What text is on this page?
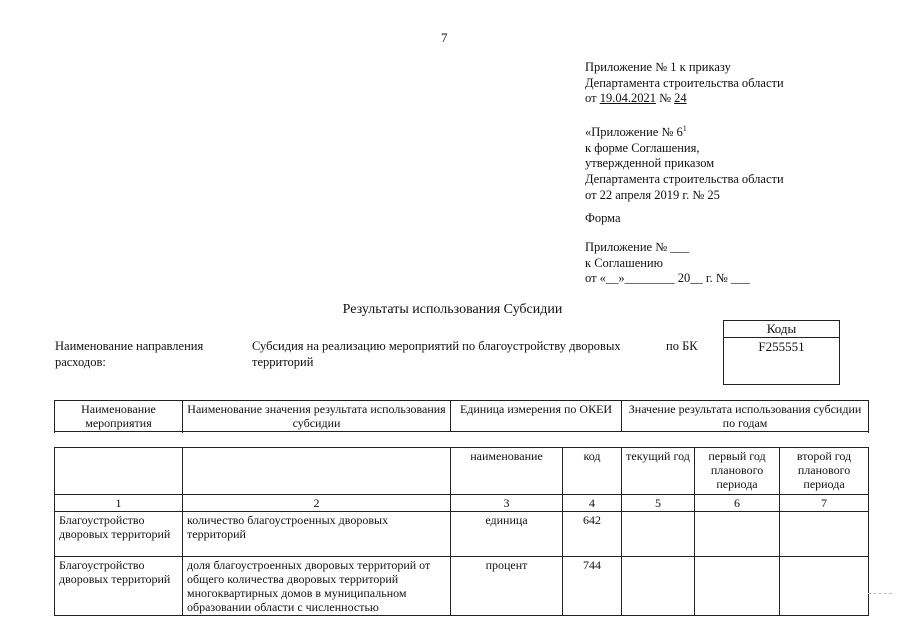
7
Приложение № 1 к приказу
Департамента строительства области
от 19.04.2021 № 24
«Приложение № $6^1$
к форме Соглашения,
утвержденной приказом
Департамента строительства области
от 22 апреля 2019 г. № 25
Форма
Приложение № ___
к Соглашению
от «__»________ 20__ г. № ___
Результаты использования Субсидии
Наименование направления расходов:
Субсидия на реализацию мероприятий по благоустройству дворовых территорий
по БК
Коды
F255551
Наименование мероприятия	Наименование значения результата использования субсидии	Единица измерения по ОКЕИ		Значение результата использования субсидии по годам		

		наименование	код	текущий год	первый год планового периода	второй год планового периода
1	2	3	4	5	6	7
Благоустройство дворовых территорий	количество благоустроенных дворовых территорий	единица	642			
Благоустройство дворовых территорий	доля благоустроенных дворовых территорий от общего количества дворовых территорий многоквартирных домов в муниципальном образовании области с численностью	процент	744			
